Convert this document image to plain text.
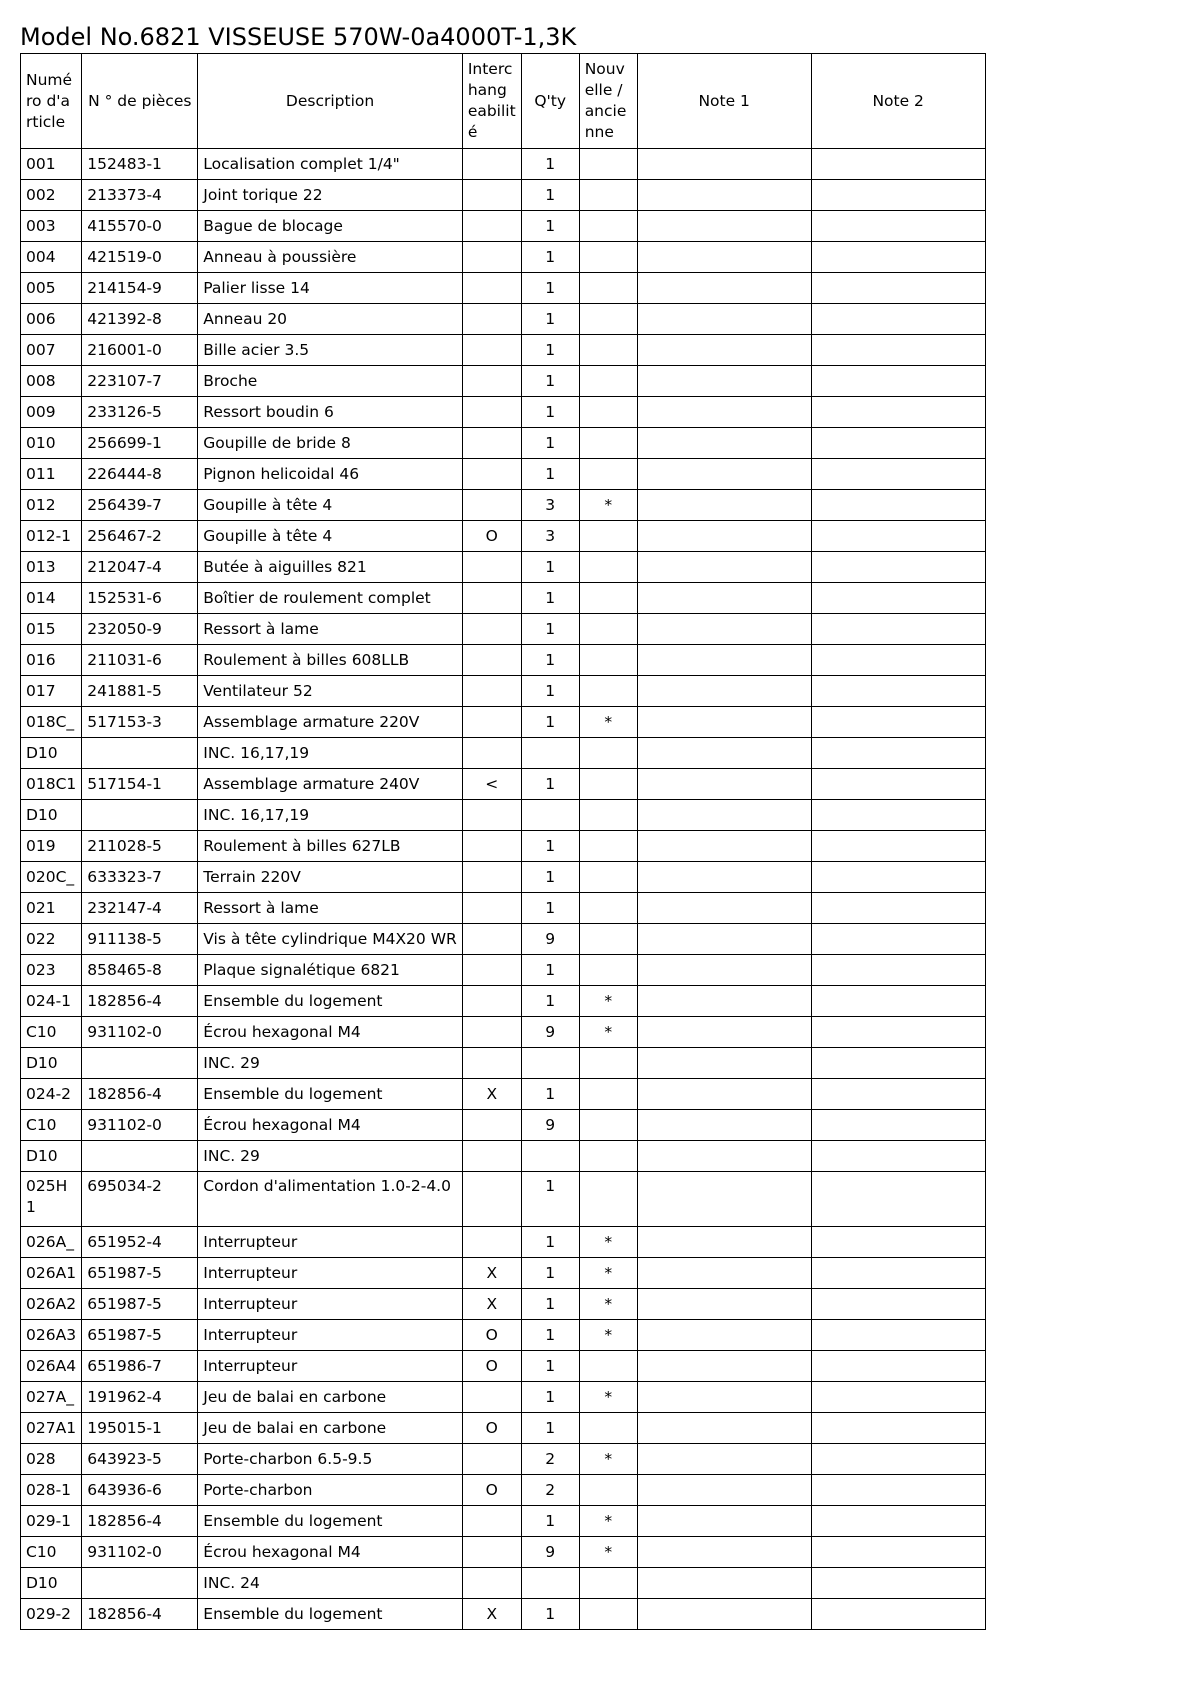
Model No.6821 VISSEUSE 570W-0a4000T-1,3K
Numé ro d'a rticle	N ° de pièces	Description	Interc hang eabilit é	Q'ty	Nouv elle / ancie nne	Note 1	Note 2
001	152483-1	Localisation complet 1/4"		1			
002	213373-4	Joint torique 22		1			
003	415570-0	Bague de blocage		1			
004	421519-0	Anneau à poussière		1			
005	214154-9	Palier lisse 14		1			
006	421392-8	Anneau 20		1			
007	216001-0	Bille acier 3.5		1			
008	223107-7	Broche		1			
009	233126-5	Ressort boudin 6		1			
010	256699-1	Goupille de bride 8		1			
011	226444-8	Pignon helicoidal 46		1			
012	256439-7	Goupille à tête 4		3	*		
012-1	256467-2	Goupille à tête 4	O	3			
013	212047-4	Butée à aiguilles 821		1			
014	152531-6	Boîtier de roulement complet		1			
015	232050-9	Ressort à lame		1			
016	211031-6	Roulement à billes 608LLB		1			
017	241881-5	Ventilateur 52		1			
018C_	517153-3	Assemblage armature 220V		1	*		
D10		INC. 16,17,19					
018C1	517154-1	Assemblage armature 240V	<	1			
D10		INC. 16,17,19					
019	211028-5	Roulement à billes 627LB		1			
020C_	633323-7	Terrain 220V		1			
021	232147-4	Ressort à lame		1			
022	911138-5	Vis à tête cylindrique M4X20 WR		9			
023	858465-8	Plaque signalétique 6821		1			
024-1	182856-4	Ensemble du logement		1	*		
C10	931102-0	Écrou hexagonal M4		9	*		
D10		INC. 29					
024-2	182856-4	Ensemble du logement	X	1			
C10	931102-0	Écrou hexagonal M4		9			
D10		INC. 29					
025H1	695034-2	Cordon d'alimentation 1.0-2-4.0		1			
026A_	651952-4	Interrupteur		1	*		
026A1	651987-5	Interrupteur	X	1	*		
026A2	651987-5	Interrupteur	X	1	*		
026A3	651987-5	Interrupteur	O	1	*		
026A4	651986-7	Interrupteur	O	1			
027A_	191962-4	Jeu de balai en carbone		1	*		
027A1	195015-1	Jeu de balai en carbone	O	1			
028	643923-5	Porte-charbon 6.5-9.5		2	*		
028-1	643936-6	Porte-charbon	O	2			
029-1	182856-4	Ensemble du logement		1	*		
C10	931102-0	Écrou hexagonal M4		9	*		
D10		INC. 24					
029-2	182856-4	Ensemble du logement	X	1			
